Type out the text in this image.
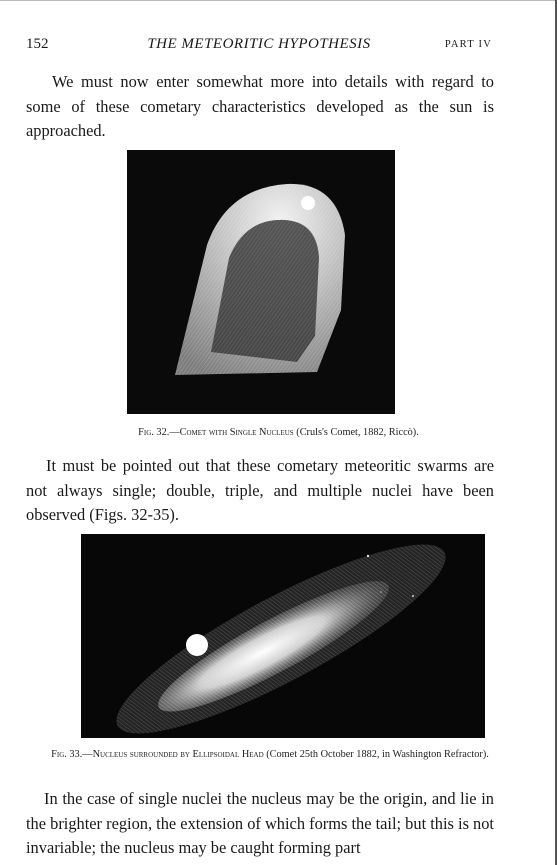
152	THE METEORITIC HYPOTHESIS	PART IV

We must now enter somewhat more into details with regard to some of these cometary characteristics developed as the sun is approached.

Fig. 32.—Comet with Single Nucleus (Cruls's Comet, 1882, Riccò).

It must be pointed out that these cometary meteoritic swarms are not always single; double, triple, and multiple nuclei have been observed (Figs. 32-35).

Fig. 33.—Nucleus surrounded by Ellipsoidal Head (Comet 25th October 1882, in Washington Refractor).

In the case of single nuclei the nucleus may be the origin, and lie in the brighter region, the extension of which forms the tail; but this is not invariable; the nucleus may be caught forming part
